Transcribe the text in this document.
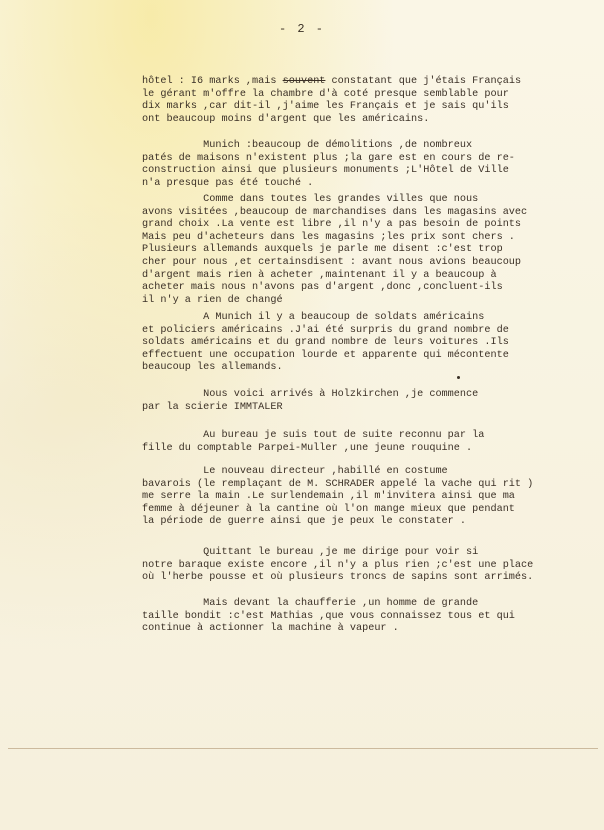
- 2 -

hôtel : I6 marks ,mais souvent constatant que j'étais Français
le gérant m'offre la chambre d'à coté presque semblable pour
dix marks ,car dit-il ,j'aime les Français et je sais qu'ils
ont beaucoup moins d'argent que les américains.

Munich :beaucoup de démolitions ,de nombreux
patés de maisons n'existent plus ;la gare est en cours de re-
construction ainsi que plusieurs monuments ;L'Hôtel de Ville
n'a presque pas été touché .

Comme dans toutes les grandes villes que nous
avons visitées ,beaucoup de marchandises dans les magasins avec
grand choix .La vente est libre ,il n'y a pas besoin de points
Mais peu d'acheteurs dans les magasins ;les prix sont chers .
Plusieurs allemands auxquels je parle me disent :c'est trop
cher pour nous ,et certainsdisent : avant nous avions beaucoup
d'argent mais rien à acheter ,maintenant il y a beaucoup à
acheter mais nous n'avons pas d'argent ,donc ,concluent-ils
il n'y a rien de changé

A Munich il y a beaucoup de soldats américains
et policiers américains .J'ai été surpris du grand nombre de
soldats américains et du grand nombre de leurs voitures .Ils
effectuent une occupation lourde et apparente qui mécontente
beaucoup les allemands.

Nous voici arrivés à Holzkirchen ,je commence
par la scierie IMMTALER

Au bureau je suis tout de suite reconnu par la
fille du comptable Parpei-Muller ,une jeune rouquine .

Le nouveau directeur ,habillé en costume
bavarois (le remplaçant de M. SCHRADER appelé la vache qui rit )
me serre la main .Le surlendemain ,il m'invitera ainsi que ma
femme à déjeuner à la cantine où l'on mange mieux que pendant
la période de guerre ainsi que je peux le constater .

Quittant le bureau ,je me dirige pour voir si
notre baraque existe encore ,il n'y a plus rien ;c'est une place
où l'herbe pousse et où plusieurs troncs de sapins sont arrimés.

Mais devant la chaufferie ,un homme de grande
taille bondit :c'est Mathias ,que vous connaissez tous et qui
continue à actionner la machine à vapeur .
